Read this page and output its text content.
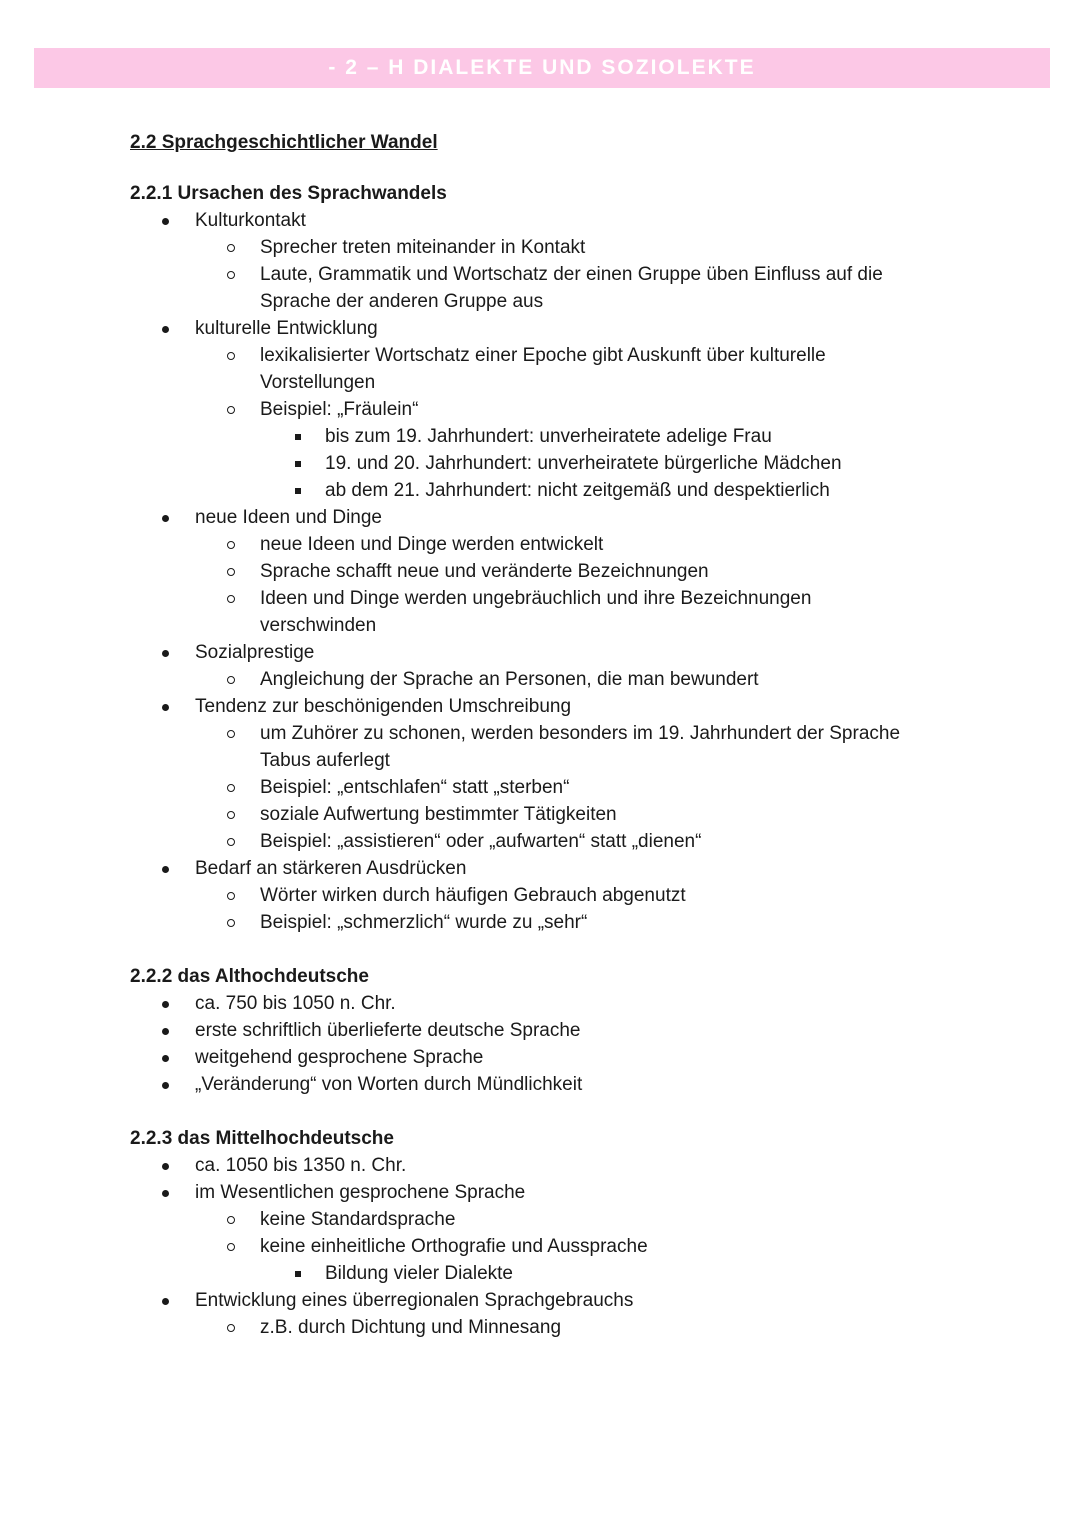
- 2 – H DIALEKTE UND SOZIOLEKTE
2.2 Sprachgeschichtlicher Wandel
2.2.1 Ursachen des Sprachwandels
Kulturkontakt
Sprecher treten miteinander in Kontakt
Laute, Grammatik und Wortschatz der einen Gruppe üben Einfluss auf die
Sprache der anderen Gruppe aus
kulturelle Entwicklung
lexikalisierter Wortschatz einer Epoche gibt Auskunft über kulturelle
Vorstellungen
Beispiel: „Fräulein“
bis zum 19. Jahrhundert: unverheiratete adelige Frau
19. und 20. Jahrhundert: unverheiratete bürgerliche Mädchen
ab dem 21. Jahrhundert: nicht zeitgemäß und despektierlich
neue Ideen und Dinge
neue Ideen und Dinge werden entwickelt
Sprache schafft neue und veränderte Bezeichnungen
Ideen und Dinge werden ungebräuchlich und ihre Bezeichnungen
verschwinden
Sozialprestige
Angleichung der Sprache an Personen, die man bewundert
Tendenz zur beschönigenden Umschreibung
um Zuhörer zu schonen, werden besonders im 19. Jahrhundert der Sprache
Tabus auferlegt
Beispiel: „entschlafen“ statt „sterben“
soziale Aufwertung bestimmter Tätigkeiten
Beispiel: „assistieren“ oder „aufwarten“ statt „dienen“
Bedarf an stärkeren Ausdrücken
Wörter wirken durch häufigen Gebrauch abgenutzt
Beispiel: „schmerzlich“ wurde zu „sehr“
2.2.2 das Althochdeutsche
ca. 750 bis 1050 n. Chr.
erste schriftlich überlieferte deutsche Sprache
weitgehend gesprochene Sprache
„Veränderung“ von Worten durch Mündlichkeit
2.2.3 das Mittelhochdeutsche
ca. 1050 bis 1350 n. Chr.
im Wesentlichen gesprochene Sprache
keine Standardsprache
keine einheitliche Orthografie und Aussprache
Bildung vieler Dialekte
Entwicklung eines überregionalen Sprachgebrauchs
z.B. durch Dichtung und Minnesang
